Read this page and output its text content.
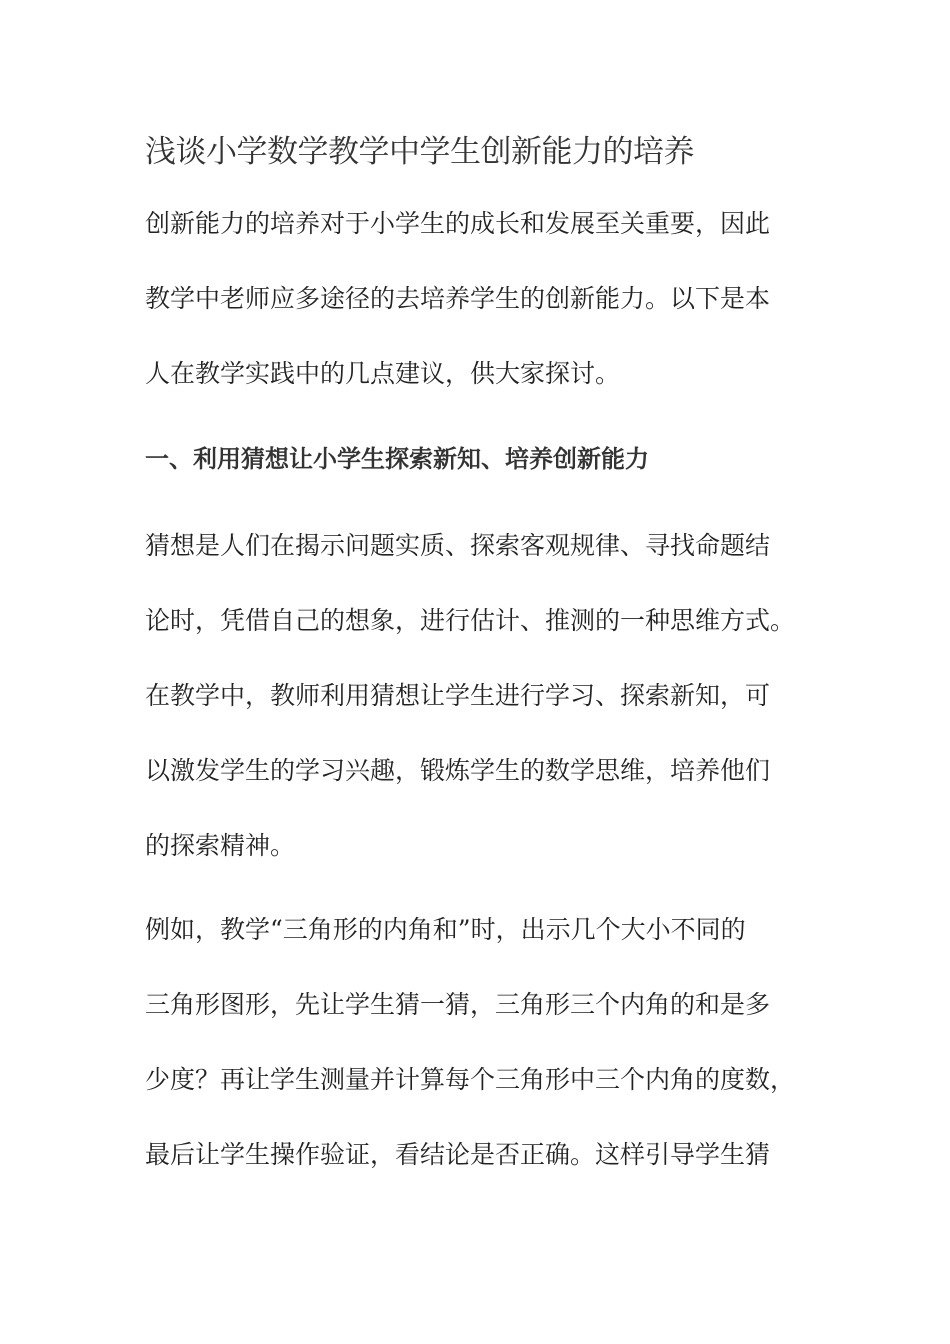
浅谈小学数学教学中学生创新能力的培养
创新能力的培养对于小学生的成长和发展至关重要，因此
教学中老师应多途径的去培养学生的创新能力。以下是本
人在教学实践中的几点建议，供大家探讨。
一、利用猜想让小学生探索新知、培养创新能力
猜想是人们在揭示问题实质、探索客观规律、寻找命题结
论时，凭借自己的想象，进行估计、推测的一种思维方式。
在教学中，教师利用猜想让学生进行学习、探索新知，可
以激发学生的学习兴趣，锻炼学生的数学思维，培养他们
的探索精神。
例如，教学“三角形的内角和”时，出示几个大小不同的
三角形图形，先让学生猜一猜，三角形三个内角的和是多
少度？再让学生测量并计算每个三角形中三个内角的度数，
最后让学生操作验证，看结论是否正确。这样引导学生猜
